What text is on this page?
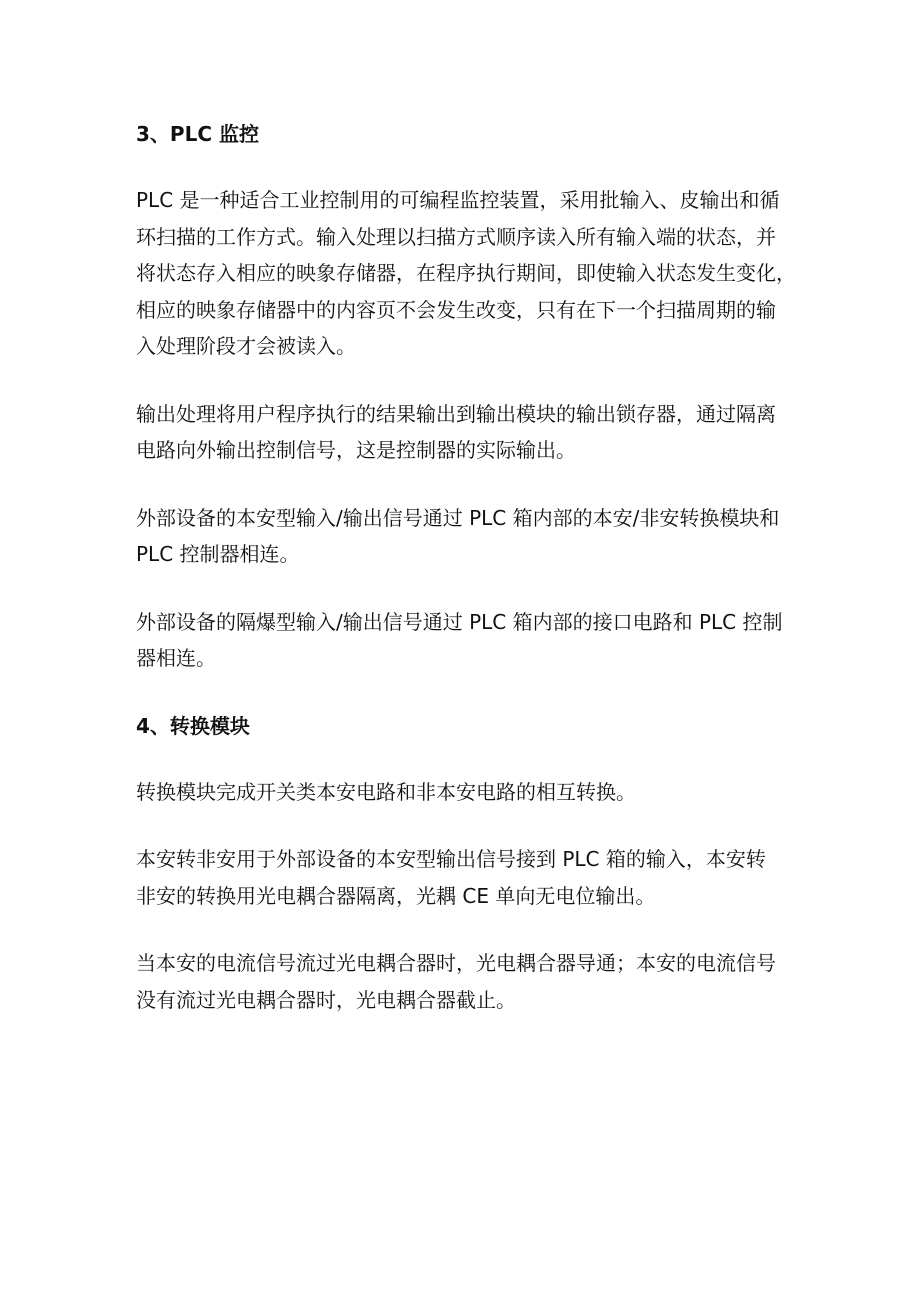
3、PLC 监控
PLC 是一种适合工业控制用的可编程监控装置，采用批输入、皮输出和循
环扫描的工作方式。输入处理以扫描方式顺序读入所有输入端的状态，并
将状态存入相应的映象存储器，在程序执行期间，即使输入状态发生变化，
相应的映象存储器中的内容页不会发生改变，只有在下一个扫描周期的输
入处理阶段才会被读入。
输出处理将用户程序执行的结果输出到输出模块的输出锁存器，通过隔离
电路向外输出控制信号，这是控制器的实际输出。
外部设备的本安型输入/输出信号通过 PLC 箱内部的本安/非安转换模块和
PLC 控制器相连。
外部设备的隔爆型输入/输出信号通过 PLC 箱内部的接口电路和 PLC 控制
器相连。
4、转换模块
转换模块完成开关类本安电路和非本安电路的相互转换。
本安转非安用于外部设备的本安型输出信号接到 PLC 箱的输入，本安转
非安的转换用光电耦合器隔离，光耦 CE 单向无电位输出。
当本安的电流信号流过光电耦合器时，光电耦合器导通；本安的电流信号
没有流过光电耦合器时，光电耦合器截止。
